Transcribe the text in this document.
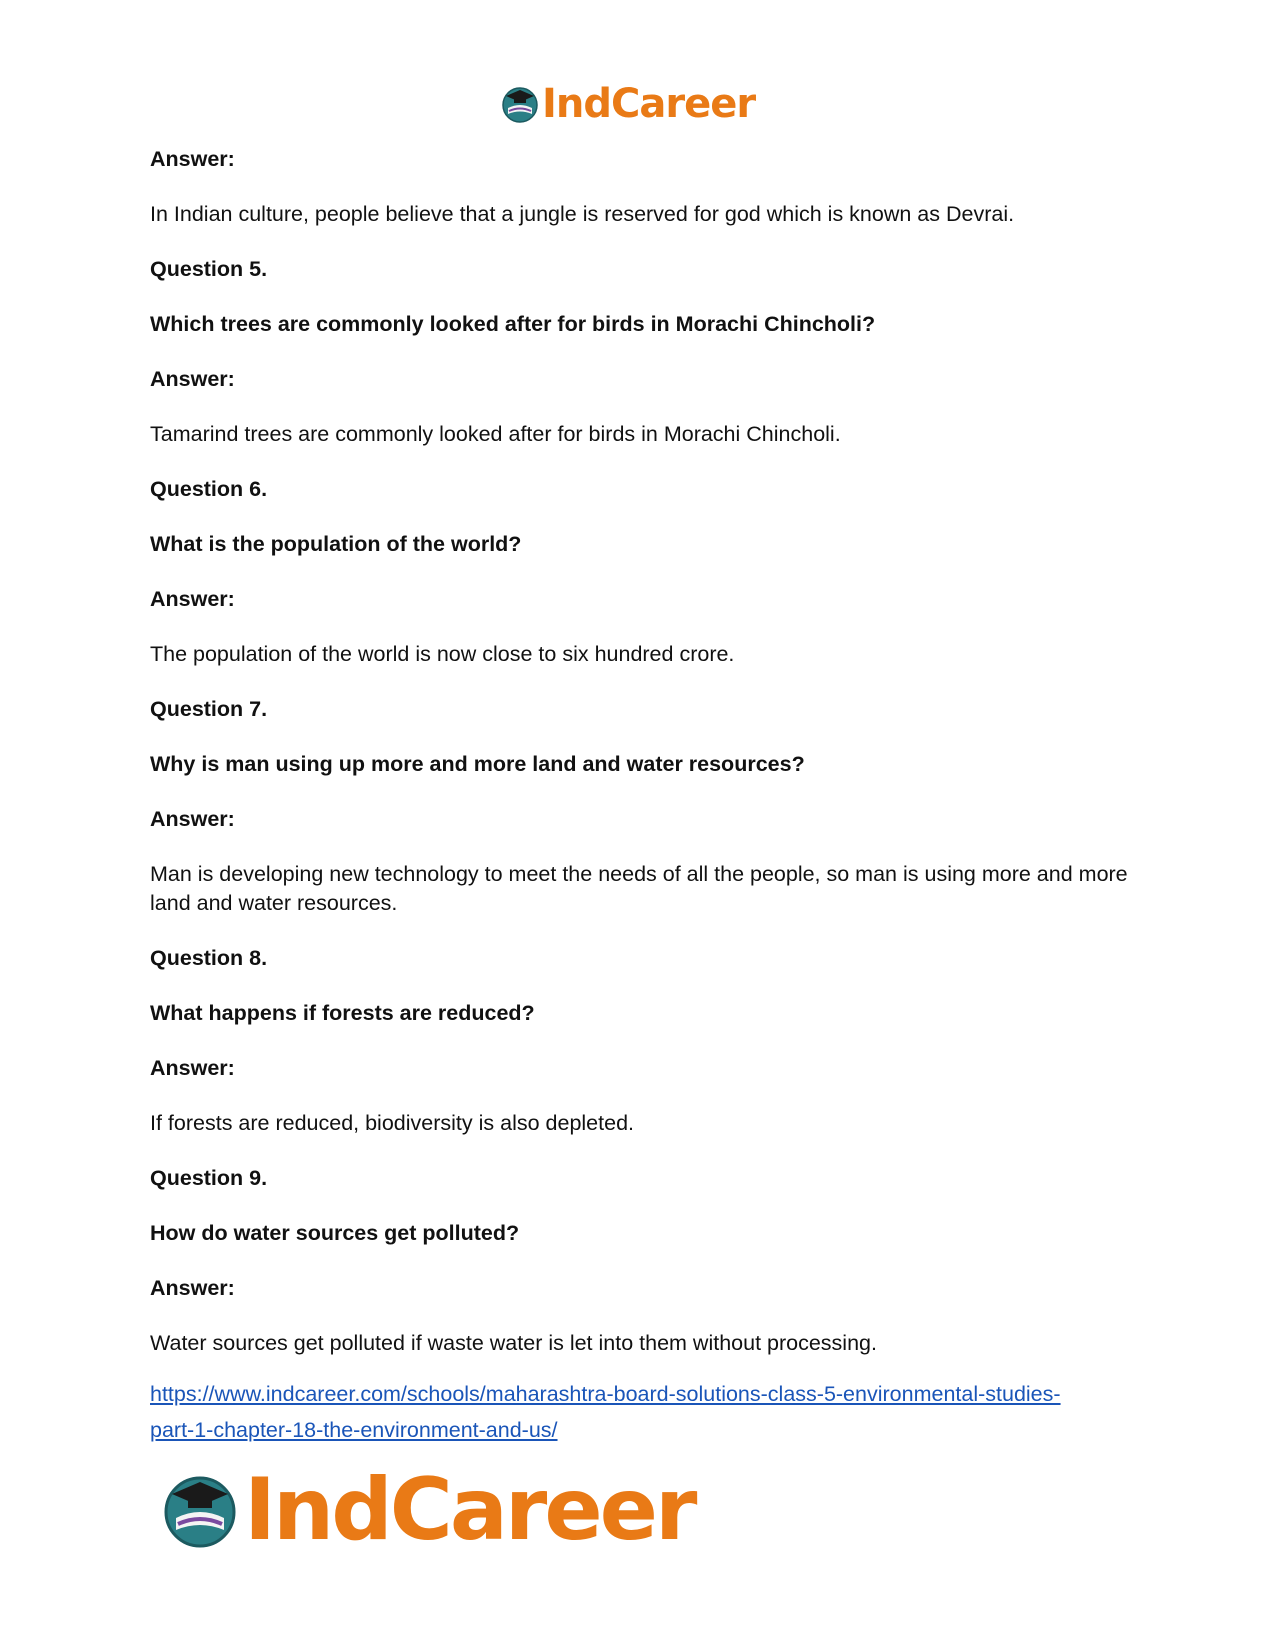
IndCareer

Answer:

In Indian culture, people believe that a jungle is reserved for god which is known as Devrai.

Question 5.

Which trees are commonly looked after for birds in Morachi Chincholi?

Answer:

Tamarind trees are commonly looked after for birds in Morachi Chincholi.

Question 6.

What is the population of the world?

Answer:

The population of the world is now close to six hundred crore.

Question 7.

Why is man using up more and more land and water resources?

Answer:

Man is developing new technology to meet the needs of all the people, so man is using more and more land and water resources.

Question 8.

What happens if forests are reduced?

Answer:

If forests are reduced, biodiversity is also depleted.

Question 9.

How do water sources get polluted?

Answer:

Water sources get polluted if waste water is let into them without processing.

https://www.indcareer.com/schools/maharashtra-board-solutions-class-5-environmental-studies-
part-1-chapter-18-the-environment-and-us/
IndCareer
